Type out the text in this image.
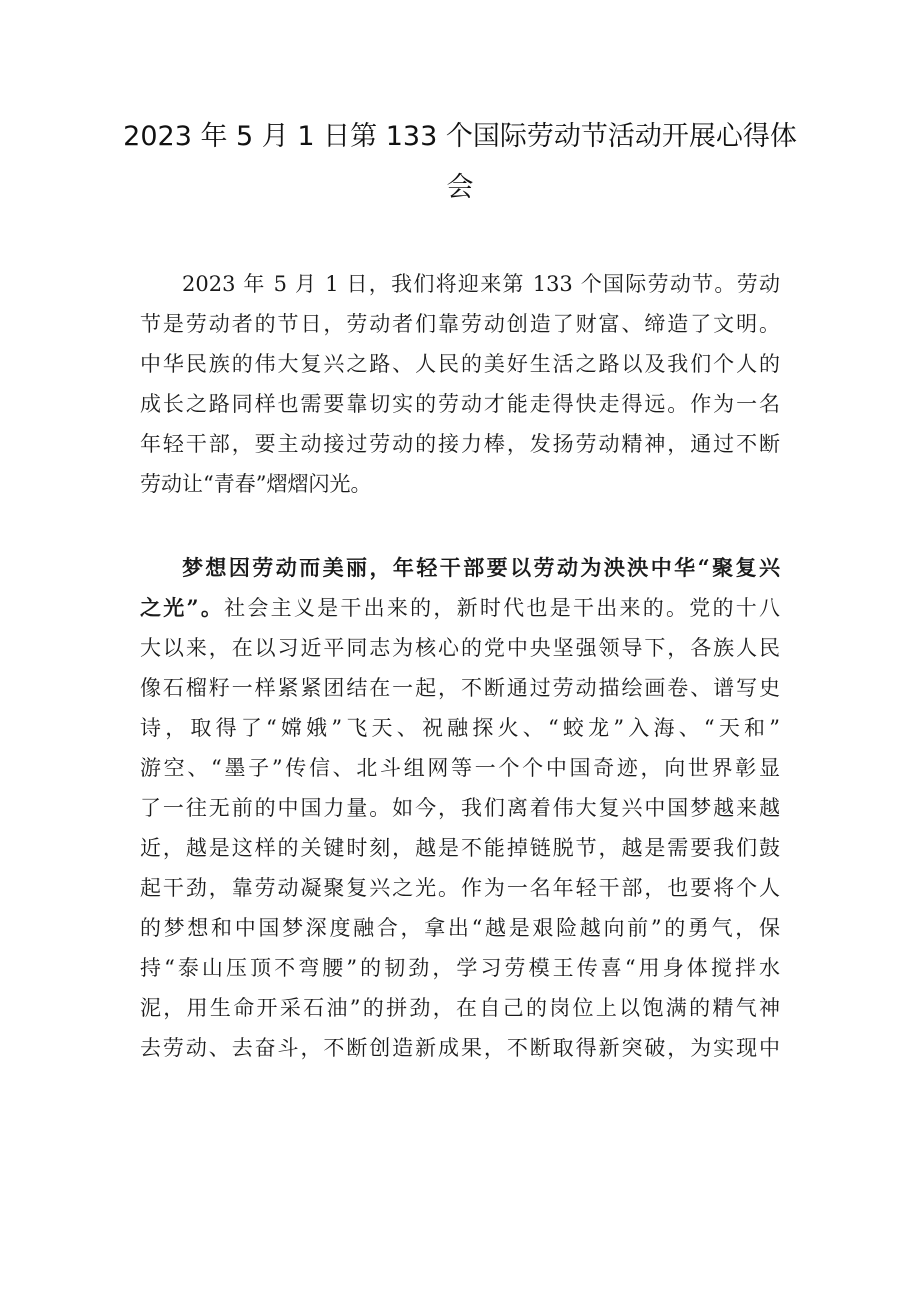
2023 年 5 月 1 日第 133 个国际劳动节活动开展心得体
会
2023 年 5 月 1 日，我们将迎来第 133 个国际劳动节。劳动
节是劳动者的节日，劳动者们靠劳动创造了财富、缔造了文明。
中华民族的伟大复兴之路、人民的美好生活之路以及我们个人的
成长之路同样也需要靠切实的劳动才能走得快走得远。作为一名
年轻干部，要主动接过劳动的接力棒，发扬劳动精神，通过不断
劳动让“青春”熠熠闪光。
梦想因劳动而美丽，年轻干部要以劳动为泱泱中华“聚复兴
之光”。社会主义是干出来的，新时代也是干出来的。党的十八
大以来，在以习近平同志为核心的党中央坚强领导下，各族人民
像石榴籽一样紧紧团结在一起，不断通过劳动描绘画卷、谱写史
诗，取得了“嫦娥”飞天、祝融探火、“蛟龙”入海、“天和”
游空、“墨子”传信、北斗组网等一个个中国奇迹，向世界彰显
了一往无前的中国力量。如今，我们离着伟大复兴中国梦越来越
近，越是这样的关键时刻，越是不能掉链脱节，越是需要我们鼓
起干劲，靠劳动凝聚复兴之光。作为一名年轻干部，也要将个人
的梦想和中国梦深度融合，拿出“越是艰险越向前”的勇气，保
持“泰山压顶不弯腰”的韧劲，学习劳模王传喜“用身体搅拌水
泥，用生命开采石油”的拼劲，在自己的岗位上以饱满的精气神
去劳动、去奋斗，不断创造新成果，不断取得新突破，为实现中
